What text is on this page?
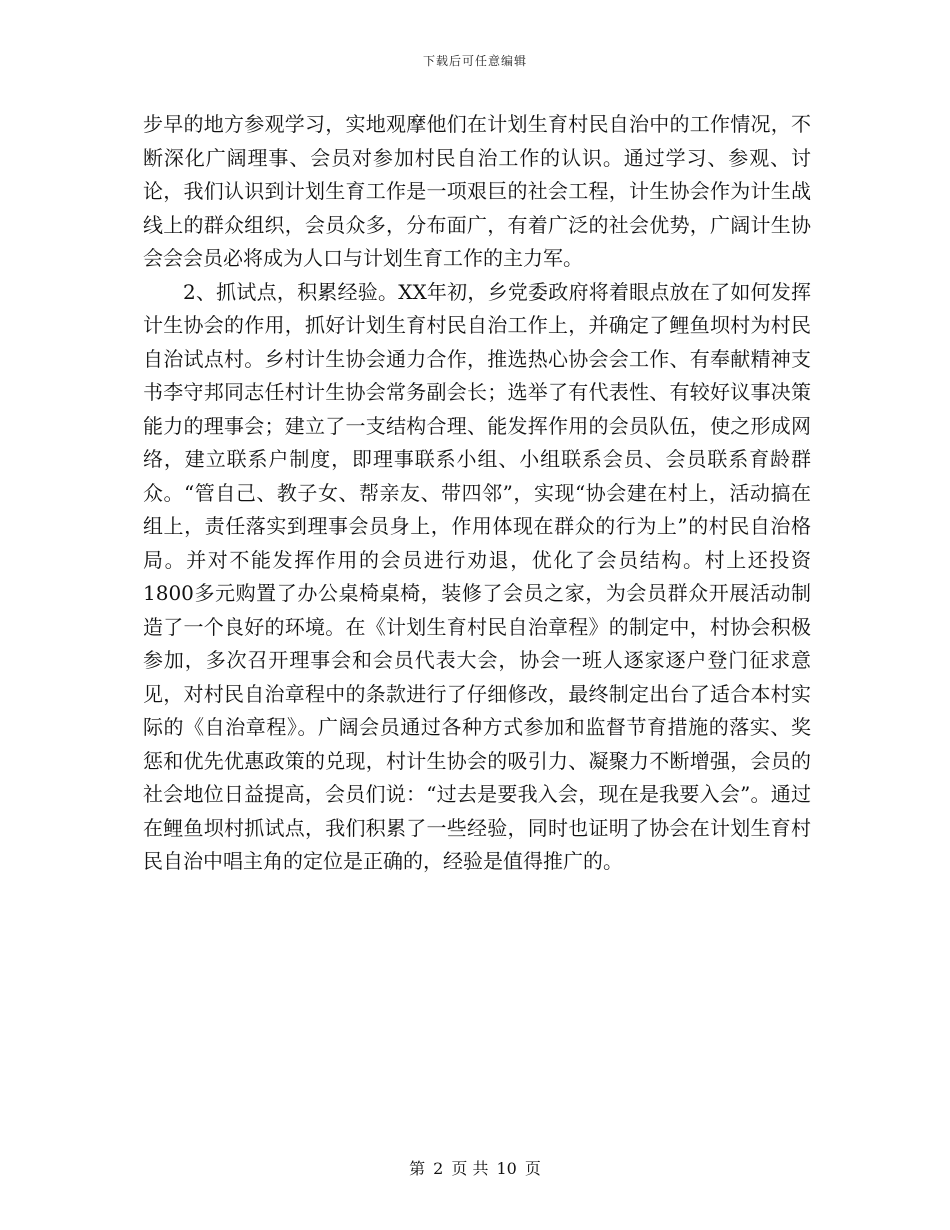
下载后可任意编辑

步早的地方参观学习，实地观摩他们在计划生育村民自治中的工作情况，不断深化广阔理事、会员对参加村民自治工作的认识。通过学习、参观、讨论，我们认识到计划生育工作是一项艰巨的社会工程，计生协会作为计生战线上的群众组织，会员众多，分布面广，有着广泛的社会优势，广阔计生协会会会员必将成为人口与计划生育工作的主力军。

2、抓试点，积累经验。XX年初，乡党委政府将着眼点放在了如何发挥计生协会的作用，抓好计划生育村民自治工作上，并确定了鲤鱼坝村为村民自治试点村。乡村计生协会通力合作，推选热心协会会工作、有奉献精神支书李守邦同志任村计生协会常务副会长；选举了有代表性、有较好议事决策能力的理事会；建立了一支结构合理、能发挥作用的会员队伍，使之形成网络，建立联系户制度，即理事联系小组、小组联系会员、会员联系育龄群众。“管自己、教子女、帮亲友、带四邻”，实现“协会建在村上，活动搞在组上，责任落实到理事会员身上，作用体现在群众的行为上”的村民自治格局。并对不能发挥作用的会员进行劝退，优化了会员结构。村上还投资1800多元购置了办公桌椅桌椅，装修了会员之家，为会员群众开展活动制造了一个良好的环境。在《计划生育村民自治章程》的制定中，村协会积极参加，多次召开理事会和会员代表大会，协会一班人逐家逐户登门征求意见，对村民自治章程中的条款进行了仔细修改，最终制定出台了适合本村实际的《自治章程》。广阔会员通过各种方式参加和监督节育措施的落实、奖惩和优先优惠政策的兑现，村计生协会的吸引力、凝聚力不断增强，会员的社会地位日益提高，会员们说：“过去是要我入会，现在是我要入会”。通过在鲤鱼坝村抓试点，我们积累了一些经验，同时也证明了协会在计划生育村民自治中唱主角的定位是正确的，经验是值得推广的。

第 2 页 共 10 页
